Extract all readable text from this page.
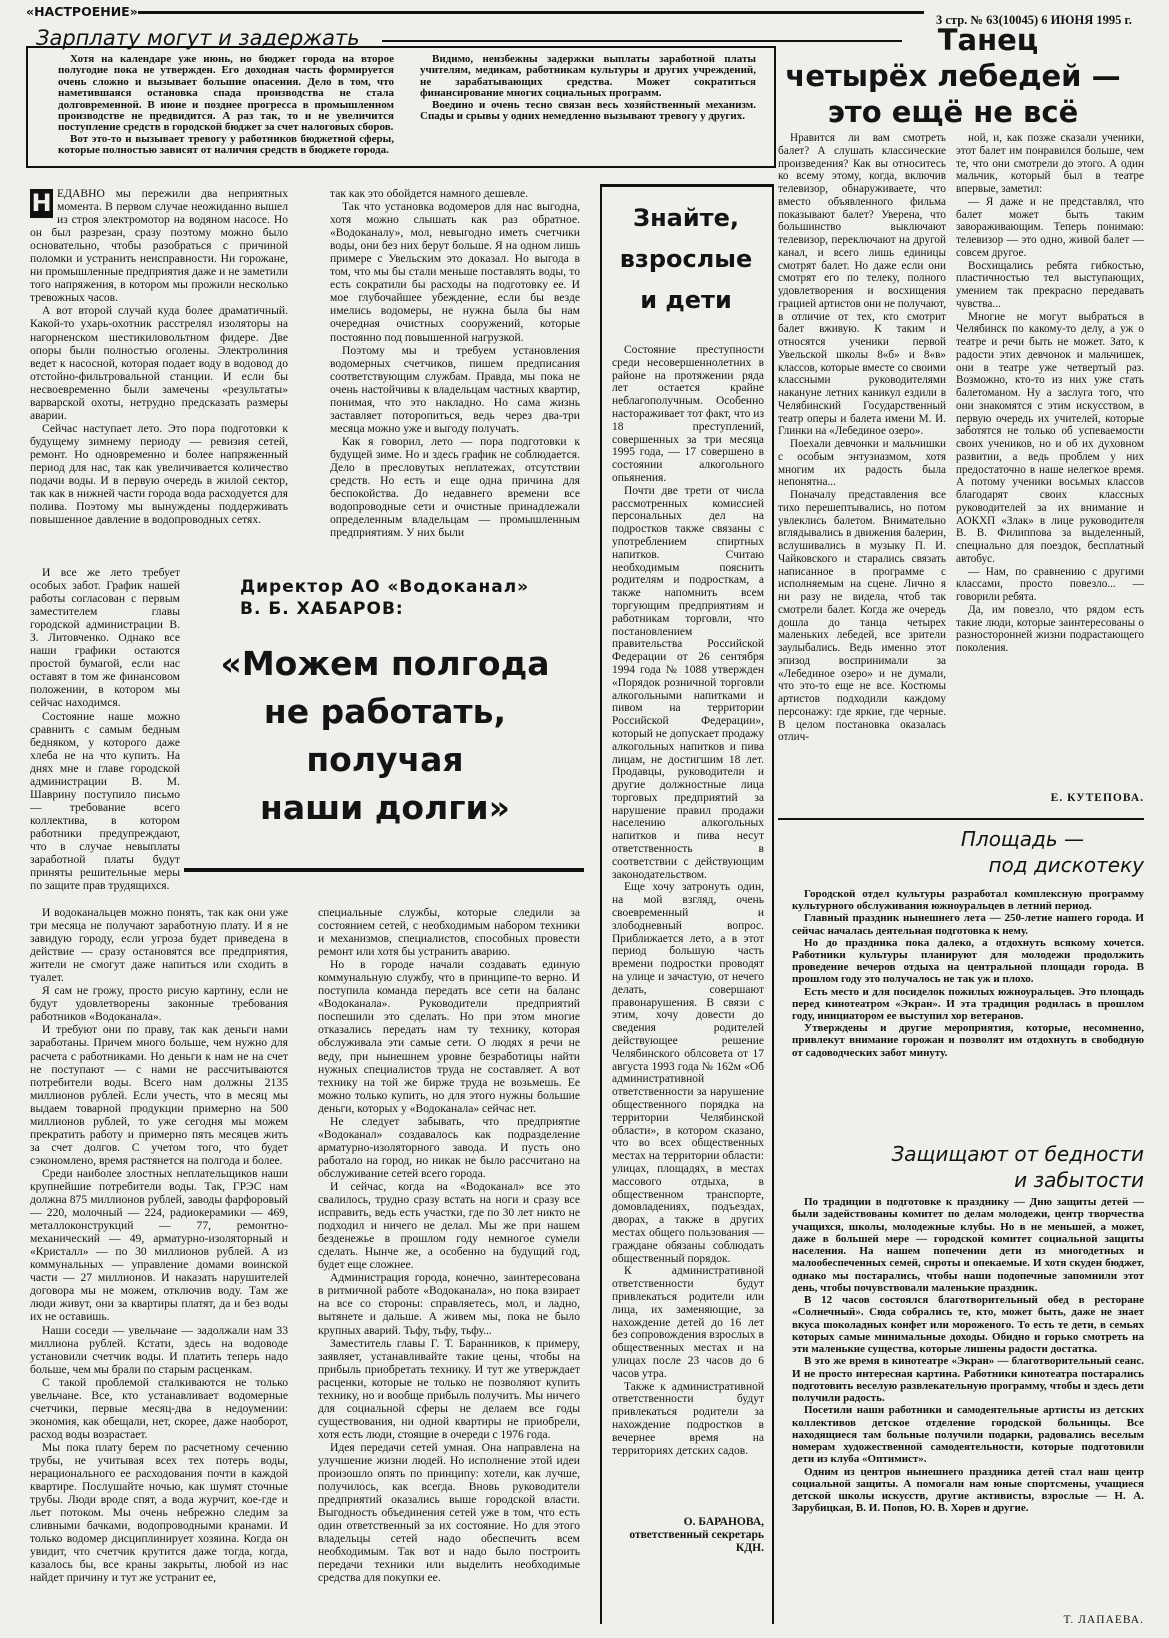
«НАСТРОЕНИЕ»
3 стр. № 63(10045) 6 ИЮНЯ 1995 г.
Зарплату могут и задержать

Хотя на календаре уже июнь, но бюджет города на второе полугодие пока не утвержден. Его доходная часть формируется очень сложно и вызывает большие опасения. Дело в том, что наметившаяся остановка спада производства не стала долговременной. В июне и позднее прогресса в промышленном производстве не предвидится. А раз так, то и не увеличится поступление средств в городской бюджет за счет налоговых сборов.

Вот это-то и вызывает тревогу у работников бюджетной сферы, которые полностью зависят от наличия средств в бюджете города.

Видимо, неизбежны задержки выплаты заработной платы учителям, медикам, работникам культуры и других учреждений, не зарабатывающих средства. Может сократиться финансирование многих социальных программ.

Воедино и очень тесно связан весь хозяйственный механизм. Спады и срывы у одних немедленно вызывают тревогу у других.

Танец
четырёх лебедей —
это ещё не всё

Нравится ли вам смотреть балет? А слушать классические произведения? Как вы относитесь ко всему этому, когда, включив телевизор, обнаруживаете, что вместо объявленного фильма показывают балет? Уверена, что большинство выключают телевизор, переключают на другой канал, и всего лишь единицы смотрят балет. Но даже если они смотрят его по телеку, полного удовлетворения и восхищения грацией артистов они не получают, в отличие от тех, кто смотрит балет вживую. К таким и относятся ученики первой Увельской школы 8«б» и 8«в» классов, которые вместе со своими классными руководителями накануне летних каникул ездили в Челябинский Государственный театр оперы и балета имени М. И. Глинки на «Лебединое озеро».

Поехали девчонки и мальчишки с особым энтузиазмом, хотя многим их радость была непонятна...

Поначалу представления все тихо перешептывались, но потом увлеклись балетом. Внимательно вглядывались в движения балерин, вслушивались в музыку П. И. Чайковского и старались связать написанное в программе с исполняемым на сцене. Лично я ни разу не видела, чтоб так смотрели балет. Когда же очередь дошла до танца четырех маленьких лебедей, все зрители заулыбались. Ведь именно этот эпизод воспринимали за «Лебединое озеро» и не думали, что это-то еще не все. Костюмы артистов подходили каждому персонажу: где яркие, где черные. В целом постановка оказалась отлич-

ной, и, как позже сказали ученики, этот балет им понравился больше, чем те, что они смотрели до этого. А один мальчик, который был в театре впервые, заметил:

— Я даже и не представлял, что балет может быть таким завораживающим. Теперь понимаю: телевизор — это одно, живой балет — совсем другое.

Восхищались ребята гибкостью, пластичностью тел выступающих, умением так прекрасно передавать чувства...

Многие не могут выбраться в Челябинск по какому-то делу, а уж о театре и речи быть не может. Зато, к радости этих девчонок и мальчишек, они в театре уже четвертый раз. Возможно, кто-то из них уже стать балетоманом. Ну а заслуга того, что они знакомятся с этим искусством, в первую очередь их учителей, которые заботятся не только об успеваемости своих учеников, но и об их духовном развитии, а ведь проблем у них предостаточно в наше нелегкое время. А потому ученики восьмых классов благодарят своих классных руководителей за их внимание и АОКХП «Злак» в лице руководителя В. В. Филиппова за выделенный, специально для поездок, бесплатный автобус.

— Нам, по сравнению с другими классами, просто повезло... — говорили ребята.

Да, им повезло, что рядом есть такие люди, которые заинтересованы о разносторонней жизни подрастающего поколения.

Е. КУТЕПОВА.
Н ЕДАВНО мы пережили два неприятных момента. В первом случае неожиданно вышел из строя электромотор на водяном насосе. Но он был разрезан, сразу поэтому можно было основательно, чтобы разобраться с причиной поломки и устранить неисправности. Ни горожане, ни промышленные предприятия даже и не заметили того напряжения, в котором мы прожили несколько тревожных часов.

А вот второй случай куда более драматичный. Какой-то ухарь-охотник расстрелял изоляторы на нагорненском шестикиловольтном фидере. Две опоры были полностью оголены. Электролиния ведет к насосной, которая подает воду в водовод до отстойно-фильтровальной станции. И если бы несвоевременно были замечены «результаты» варварской охоты, нетрудно предсказать размеры аварии.

Сейчас наступает лето. Это пора подготовки к будущему зимнему периоду — ревизия сетей, ремонт. Но одновременно и более напряженный период для нас, так как увеличивается количество подачи воды. И в первую очередь в жилой сектор, так как в нижней части города вода расходуется для полива. Поэтому мы вынуждены поддерживать повышенное давление в водопроводных сетях.

так как это обойдется намного дешевле.

Так что установка водомеров для нас выгодна, хотя можно слышать как раз обратное. «Водоканалу», мол, невыгодно иметь счетчики воды, они без них берут больше. Я на одном лишь примере с Увельским это доказал. Но выгода в том, что мы бы стали меньше поставлять воды, то есть сократили бы расходы на подготовку ее. И мое глубочайшее убеждение, если бы везде имелись водомеры, не нужна была бы нам очередная очистных сооружений, которые постоянно под повышенной нагрузкой.

Поэтому мы и требуем установления водомерных счетчиков, пишем предписания соответствующим службам. Правда, мы пока не очень настойчивы к владельцам частных квартир, понимая, что это накладно. Но сама жизнь заставляет поторопиться, ведь через два-три месяца можно уже и выгоду получать.

Как я говорил, лето — пора подготовки к будущей зиме. Но и здесь график не соблюдается. Дело в пресловутых неплатежах, отсутствии средств. Но есть и еще одна причина для беспокойства. До недавнего времени все водопроводные сети и очистные принадлежали определенным владельцам — промышленным предприятиям. У них были

И все же лето требует особых забот. График нашей работы согласован с первым заместителем главы городской администрации В. З. Литовченко. Однако все наши графики остаются простой бумагой, если нас оставят в том же финансовом положении, в котором мы сейчас находимся.

Состояние наше можно сравнить с самым бедным бедняком, у которого даже хлеба не на что купить. На днях мне и главе городской администрации В. М. Шаврину поступило письмо — требование всего коллектива, в котором работники предупреждают, что в случае невыплаты заработной платы будут приняты решительные меры по защите прав трудящихся.

Директор АО «Водоканал»
В. Б. ХАБАРОВ:
«Можем полгода
не работать,
получая
наши долги»

И водоканальцев можно понять, так как они уже три месяца не получают заработную плату. И я не завидую городу, если угроза будет приведена в действие — сразу остановятся все предприятия, жители не смогут даже напиться или сходить в туалет.

Я сам не грожу, просто рисую картину, если не будут удовлетворены законные требования работников «Водоканала».

И требуют они по праву, так как деньги нами заработаны. Причем много больше, чем нужно для расчета с работниками. Но деньги к нам не на счет не поступают — с нами не рассчитываются потребители воды. Всего нам должны 2135 миллионов рублей. Если учесть, что в месяц мы выдаем товарной продукции примерно на 500 миллионов рублей, то уже сегодня мы можем прекратить работу и примерно пять месяцев жить за счет долгов. С учетом того, что будет сэкономлено, время растянется на полгода и более.

Среди наиболее злостных неплательщиков наши крупнейшие потребители воды. Так, ГРЭС нам должна 875 миллионов рублей, заводы фарфоровый — 220, молочный — 224, радиокерамики — 469, металлоконструкций — 77, ремонтно-механический — 49, арматурно-изоляторный и «Кристалл» — по 30 миллионов рублей. А из коммунальных — управление домами воинской части — 27 миллионов. И наказать нарушителей договора мы не можем, отключив воду. Там же люди живут, они за квартиры платят, да и без воды их не оставишь.

Наши соседи — увельчане — задолжали нам 33 миллиона рублей. Кстати, здесь на водоводе установили счетчик воды. И платить теперь надо больше, чем мы брали по старым расценкам.

С такой проблемой сталкиваются не только увельчане. Все, кто устанавливает водомерные счетчики, первые месяц-два в недоумении: экономия, как обещали, нет, скорее, даже наоборот, расход воды возрастает.

Мы пока плату берем по расчетному сечению трубы, не учитывая всех тех потерь воды, нерационального ее расходования почти в каждой квартире. Послушайте ночью, как шумят сточные трубы. Люди вроде спят, а вода журчит, кое-где и льет потоком. Мы очень небрежно следим за сливными бачками, водопроводными кранами. И только водомер дисциплинирует хозяина. Когда он увидит, что счетчик крутится даже тогда, когда, казалось бы, все краны закрыты, любой из нас найдет причину и тут же устранит ее,

специальные службы, которые следили за состоянием сетей, с необходимым набором техники и механизмов, специалистов, способных провести ремонт или хотя бы устранить аварию.

Но в городе начали создавать единую коммунальную службу, что в принципе-то верно. И поступила команда передать все сети на баланс «Водоканала». Руководители предприятий поспешили это сделать. Но при этом многие отказались передать нам ту технику, которая обслуживала эти самые сети. О людях я речи не веду, при нынешнем уровне безработицы найти нужных специалистов труда не составляет. А вот технику на той же бирже труда не возьмешь. Ее можно только купить, но для этого нужны большие деньги, которых у «Водоканала» сейчас нет.

Не следует забывать, что предприятие «Водоканал» создавалось как подразделение арматурно-изоляторного завода. И пусть оно работало на город, но никак не было рассчитано на обслуживание сетей всего города.

И сейчас, когда на «Водоканал» все это свалилось, трудно сразу встать на ноги и сразу все исправить, ведь есть участки, где по 30 лет никто не подходил и ничего не делал. Мы же при нашем безденежье в прошлом году немногое сумели сделать. Нынче же, а особенно на будущий год, будет еще сложнее.

Администрация города, конечно, заинтересована в ритмичной работе «Водоканала», но пока взирает на все со стороны: справляетесь, мол, и ладно, вытянете и дальше. А живем мы, пока не было крупных аварий. Тьфу, тьфу, тьфу...

Заместитель главы Г. Т. Баранников, к примеру, заявляет, устанавливайте такие цены, чтобы на прибыль приобретать технику. И тут же утверждает расценки, которые не только не позволяют купить технику, но и вообще прибыль получить. Мы ничего для социальной сферы не делаем все годы существования, ни одной квартиры не приобрели, хотя есть люди, стоящие в очереди с 1976 года.

Идея передачи сетей умная. Она направлена на улучшение жизни людей. Но исполнение этой идеи произошло опять по принципу: хотели, как лучше, получилось, как всегда. Вновь руководители предприятий оказались выше городской власти. Выгодность объединения сетей уже в том, что есть один ответственный за их состояние. Но для этого владельцы сетей надо обеспечить всем необходимым. Так вот и надо было построить передачи техники или выделить необходимые средства для покупки ее.

Знайте,
взрослые
и дети

Состояние преступности среди несовершеннолетних в районе на протяжении ряда лет остается крайне неблагополучным. Особенно настораживает тот факт, что из 18 преступлений, совершенных за три месяца 1995 года, — 17 совершено в состоянии алкогольного опьянения.

Почти две трети от числа рассмотренных комиссией персональных дел на подростков также связаны с употреблением спиртных напитков. Считаю необходимым пояснить родителям и подросткам, а также напомнить всем торгующим предприятиям и работникам торговли, что постановлением правительства Российской Федерации от 26 сентября 1994 года № 1088 утвержден «Порядок розничной торговли алкогольными напитками и пивом на территории Российской Федерации», который не допускает продажу алкогольных напитков и пива лицам, не достигшим 18 лет. Продавцы, руководители и другие должностные лица торговых предприятий за нарушение правил продажи населению алкогольных напитков и пива несут ответственность в соответствии с действующим законодательством.

Еще хочу затронуть один, на мой взгляд, очень своевременный и злободневный вопрос. Приближается лето, а в этот период большую часть времени подростки проводят на улице и зачастую, от нечего делать, совершают правонарушения. В связи с этим, хочу довести до сведения родителей действующее решение Челябинского облсовета от 17 августа 1993 года № 162м «Об административной ответственности за нарушение общественного порядка на территории Челябинской области», в котором сказано, что во всех общественных местах на территории области: улицах, площадях, в местах массового отдыха, в общественном транспорте, домовладениях, подъездах, дворах, а также в других местах общего пользования — граждане обязаны соблюдать общественный порядок.

К административной ответственности будут привлекаться родители или лица, их заменяющие, за нахождение детей до 16 лет без сопровождения взрослых в общественных местах и на улицах после 23 часов до 6 часов утра.

Также к административной ответственности будут привлекаться родители за нахождение подростков в вечернее время на территориях детских садов.

О. БАРАНОВА,
ответственный секретарь КДН.
Площадь —
под дискотеку

Городской отдел культуры разработал комплексную программу культурного обслуживания южноуральцев в летний период.

Главный праздник нынешнего лета — 250-летие нашего города. И сейчас началась деятельная подготовка к нему.

Но до праздника пока далеко, а отдохнуть всякому хочется. Работники культуры планируют для молодежи продолжить проведение вечеров отдыха на центральной площади города. В прошлом году это получалось не так уж и плохо.

Есть место и для посиделок пожилых южноуральцев. Это площадь перед кинотеатром «Экран». И эта традиция родилась в прошлом году, инициатором ее выступил хор ветеранов.

Утверждены и другие мероприятия, которые, несомненно, привлекут внимание горожан и позволят им отдохнуть в свободную от садоводческих забот минуту.

Защищают от бедности
и забытости

По традиции в подготовке к празднику — Дню защиты детей — были задействованы комитет по делам молодежи, центр творчества учащихся, школы, молодежные клубы. Но в не меньшей, а может, даже в большей мере — городской комитет социальной защиты населения. На нашем попечении дети из многодетных и малообеспеченных семей, сироты и опекаемые. И хотя скуден бюджет, однако мы постарались, чтобы наши подопечные запомнили этот день, чтобы почувствовали маленькие праздник.

В 12 часов состоялся благотворительный обед в ресторане «Солнечный». Сюда собрались те, кто, может быть, даже не знает вкуса шоколадных конфет или мороженого. То есть те дети, в семьях которых самые минимальные доходы. Обидно и горько смотреть на эти маленькие существа, которые лишены радости достатка.

В это же время в кинотеатре «Экран» — благотворительный сеанс. И не просто интересная картина. Работники кинотеатра постарались подготовить веселую развлекательную программу, чтобы и здесь дети получили радость.

Посетили наши работники и самодеятельные артисты из детских коллективов детское отделение городской больницы. Все находящиеся там больные получили подарки, радовались веселым номерам художественной самодеятельности, которые подготовили дети из клуба «Оптимист».

Одним из центров нынешнего праздника детей стал наш центр социальной защиты. А помогали нам юные спортсмены, учащиеся детской школы искусств, другие активисты, взрослые — Н. А. Зарубицкая, В. И. Попов, Ю. В. Хорев и другие.

Т. ЛАПАЕВА.
